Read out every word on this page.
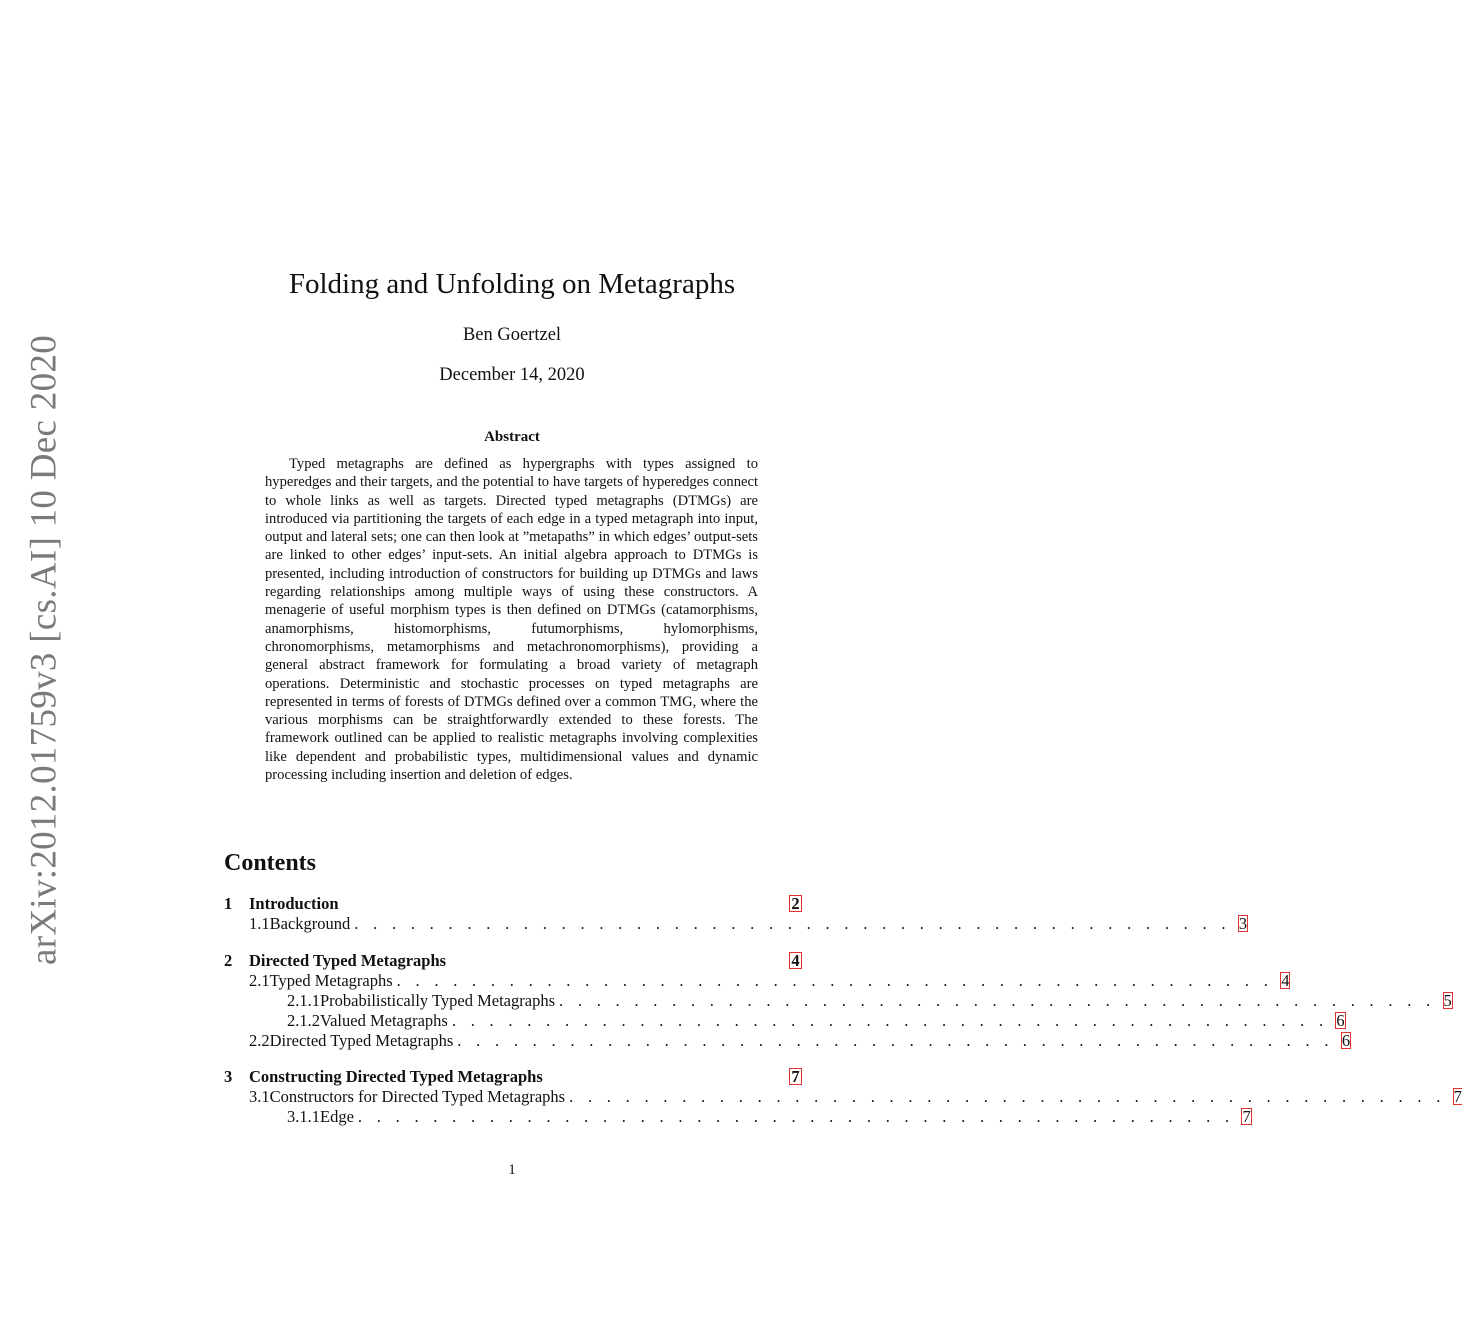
arXiv:2012.01759v3 [cs.AI] 10 Dec 2020
Folding and Unfolding on Metagraphs
Ben Goertzel
December 14, 2020
Abstract

Typed metagraphs are defined as hypergraphs with types assigned to hyperedges and their targets, and the potential to have targets of hyperedges connect to whole links as well as targets. Directed typed metagraphs (DTMGs) are introduced via partitioning the targets of each edge in a typed metagraph into input, output and lateral sets; one can then look at ”metapaths” in which edges’ output-sets are linked to other edges’ input-sets. An initial algebra approach to DTMGs is presented, including introduction of constructors for building up DTMGs and laws regarding relationships among multiple ways of using these constructors. A menagerie of useful morphism types is then defined on DTMGs (catamorphisms, anamorphisms, histomorphisms, futumorphisms, hylomorphisms, chronomorphisms, metamorphisms and metachronomorphisms), providing a general abstract framework for formulating a broad variety of metagraph operations. Deterministic and stochastic processes on typed metagraphs are represented in terms of forests of DTMGs defined over a common TMG, where the various morphisms can be straightforwardly extended to these forests. The framework outlined can be applied to realistic metagraphs involving complexities like dependent and probabilistic types, multidimensional values and dynamic processing including insertion and deletion of edges.

Contents
1	Introduction	2
1.1 Background . . . . . . . . . . . . . . . . . . . . . . . . . . . . . . . . . . . . . . . . . . . . . . . 3
2	Directed Typed Metagraphs	4
2.1 Typed Metagraphs . . . . . . . . . . . . . . . . . . . . . . . . . . . . . . . . . . . . . . . . . . . . . . . 4
2.1.1 Probabilistically Typed Metagraphs . . . . . . . . . . . . . . . . . . . . . . . . . . . . . . . . . . . . . . . . . . . . . . . 5
2.1.2 Valued Metagraphs . . . . . . . . . . . . . . . . . . . . . . . . . . . . . . . . . . . . . . . . . . . . . . . 6
2.2 Directed Typed Metagraphs . . . . . . . . . . . . . . . . . . . . . . . . . . . . . . . . . . . . . . . . . . . . . . . 6
3	Constructing Directed Typed Metagraphs	7
3.1 Constructors for Directed Typed Metagraphs . . . . . . . . . . . . . . . . . . . . . . . . . . . . . . . . . . . . . . . . . . . . . . . 7
3.1.1 Edge . . . . . . . . . . . . . . . . . . . . . . . . . . . . . . . . . . . . . . . . . . . . . . . 7
1
